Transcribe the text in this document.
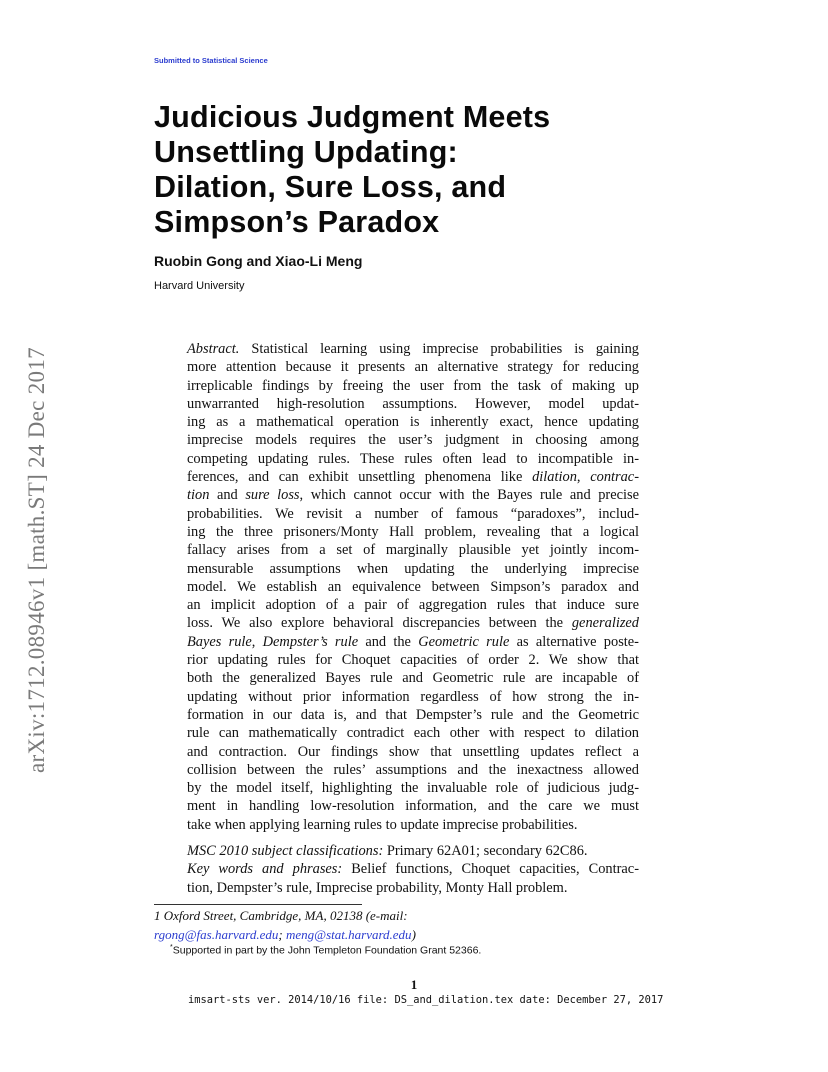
Submitted to Statistical Science
Judicious Judgment Meets
Unsettling Updating:
Dilation, Sure Loss, and
Simpson’s Paradox
Ruobin Gong and Xiao-Li Meng
Harvard University
arXiv:1712.08946v1 [math.ST] 24 Dec 2017	Abstract. Statistical learning using imprecise probabilities is gaining
more attention because it presents an alternative strategy for reducing
irreplicable findings by freeing the user from the task of making up
unwarranted high-resolution assumptions. However, model updat-
ing as a mathematical operation is inherently exact, hence updating
imprecise models requires the user’s judgment in choosing among
competing updating rules. These rules often lead to incompatible in-
ferences, and can exhibit unsettling phenomena like dilation, contrac-
tion and sure loss, which cannot occur with the Bayes rule and precise
probabilities. We revisit a number of famous “paradoxes”, includ-
ing the three prisoners/Monty Hall problem, revealing that a logical
fallacy arises from a set of marginally plausible yet jointly incom-
mensurable assumptions when updating the underlying imprecise
model. We establish an equivalence between Simpson’s paradox and
an implicit adoption of a pair of aggregation rules that induce sure
loss. We also explore behavioral discrepancies between the generalized
Bayes rule, Dempster’s rule and the Geometric rule as alternative poste-
rior updating rules for Choquet capacities of order 2. We show that
both the generalized Bayes rule and Geometric rule are incapable of
updating without prior information regardless of how strong the in-
formation in our data is, and that Dempster’s rule and the Geometric
rule can mathematically contradict each other with respect to dilation
and contraction. Our findings show that unsettling updates reflect a
collision between the rules’ assumptions and the inexactness allowed
by the model itself, highlighting the invaluable role of judicious judg-
ment in handling low-resolution information, and the care we must
take when applying learning rules to update imprecise probabilities.
MSC 2010 subject classifications: Primary 62A01; secondary 62C86.
Key words and phrases: Belief functions, Choquet capacities, Contrac-
tion, Dempster’s rule, Imprecise probability, Monty Hall problem.
1 Oxford Street, Cambridge, MA, 02138 (e-mail:
rgong@fas.harvard.edu; meng@stat.harvard.edu)
*Supported in part by the John Templeton Foundation Grant 52366.
1
imsart-sts ver. 2014/10/16 file: DS_and_dilation.tex date: December 27, 2017
